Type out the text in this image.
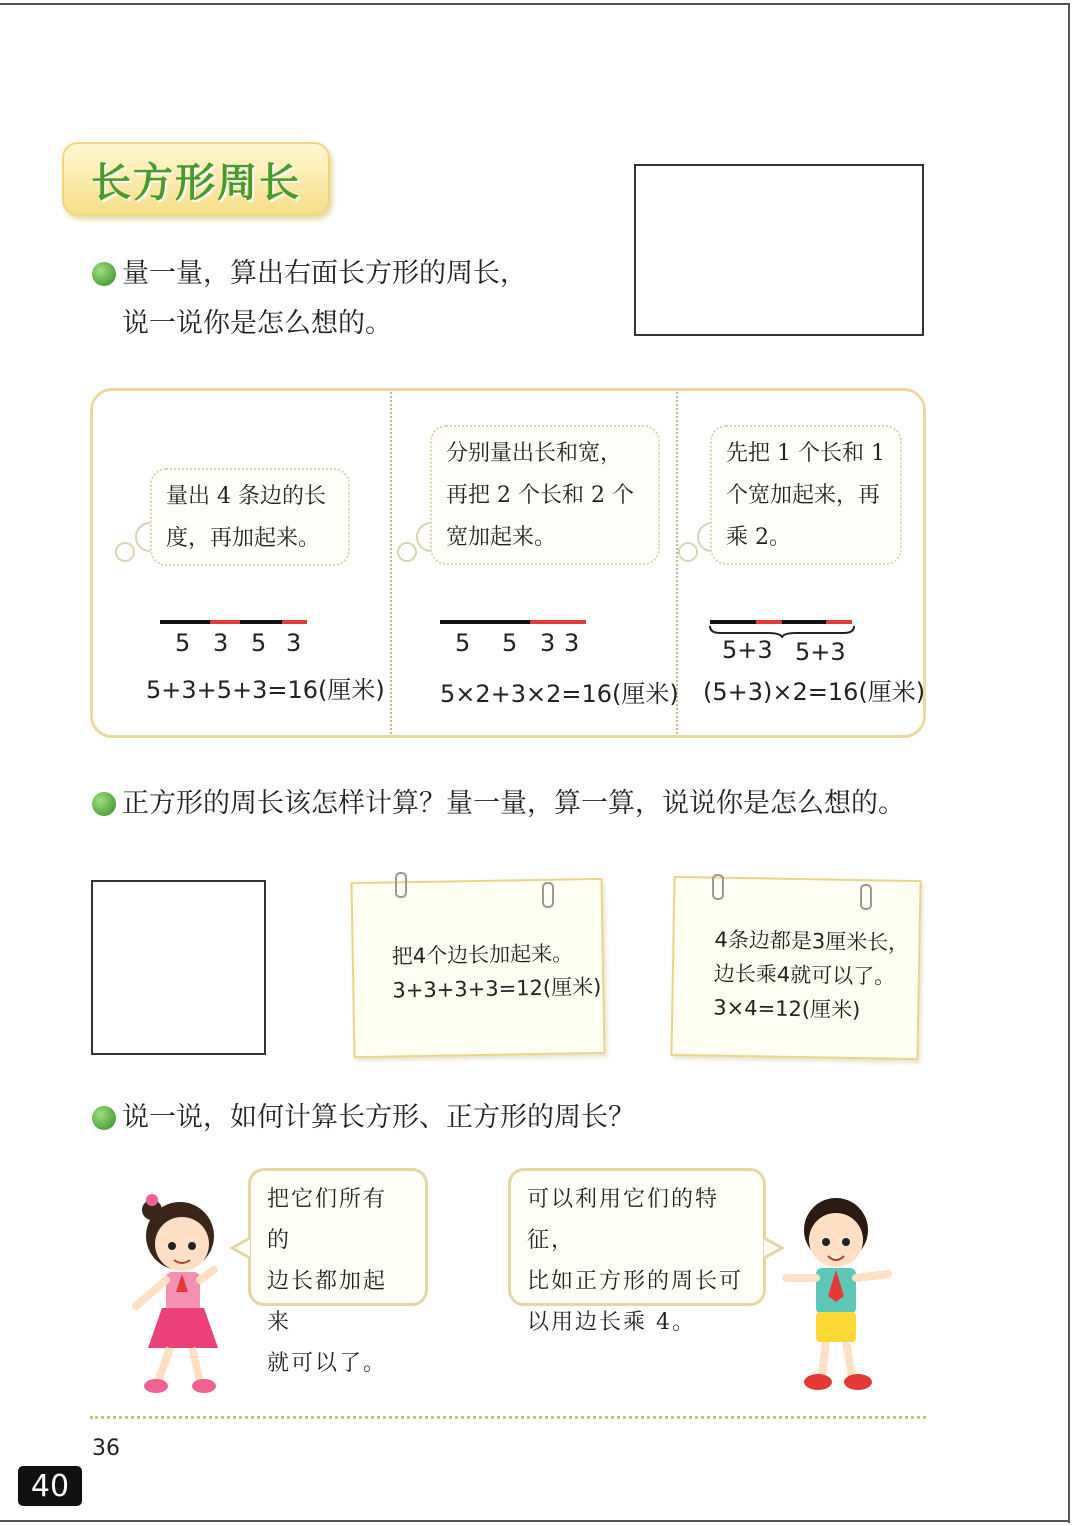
长方形周长
量一量，算出右面长方形的周长，
说一说你是怎么想的。
量出 4 条边的长
度，再加起来。
5 3 5 3
5+3+5+3=16(厘米)
分别量出长和宽，
再把 2 个长和 2 个
宽加起来。
5 5 3 3
5×2+3×2=16(厘米)
先把 1 个长和 1
个宽加起来，再
乘 2。
5+3 5+3
(5+3)×2=16(厘米)
正方形的周长该怎样计算？量一量，算一算，说说你是怎么想的。
把4个边长加起来。
3+3+3+3=12(厘米)
4条边都是3厘米长，
边长乘4就可以了。
3×4=12(厘米)
说一说，如何计算长方形、正方形的周长？
把它们所有的
边长都加起来
就可以了。
可以利用它们的特征，
比如正方形的周长可
以用边长乘 4。
36
40
